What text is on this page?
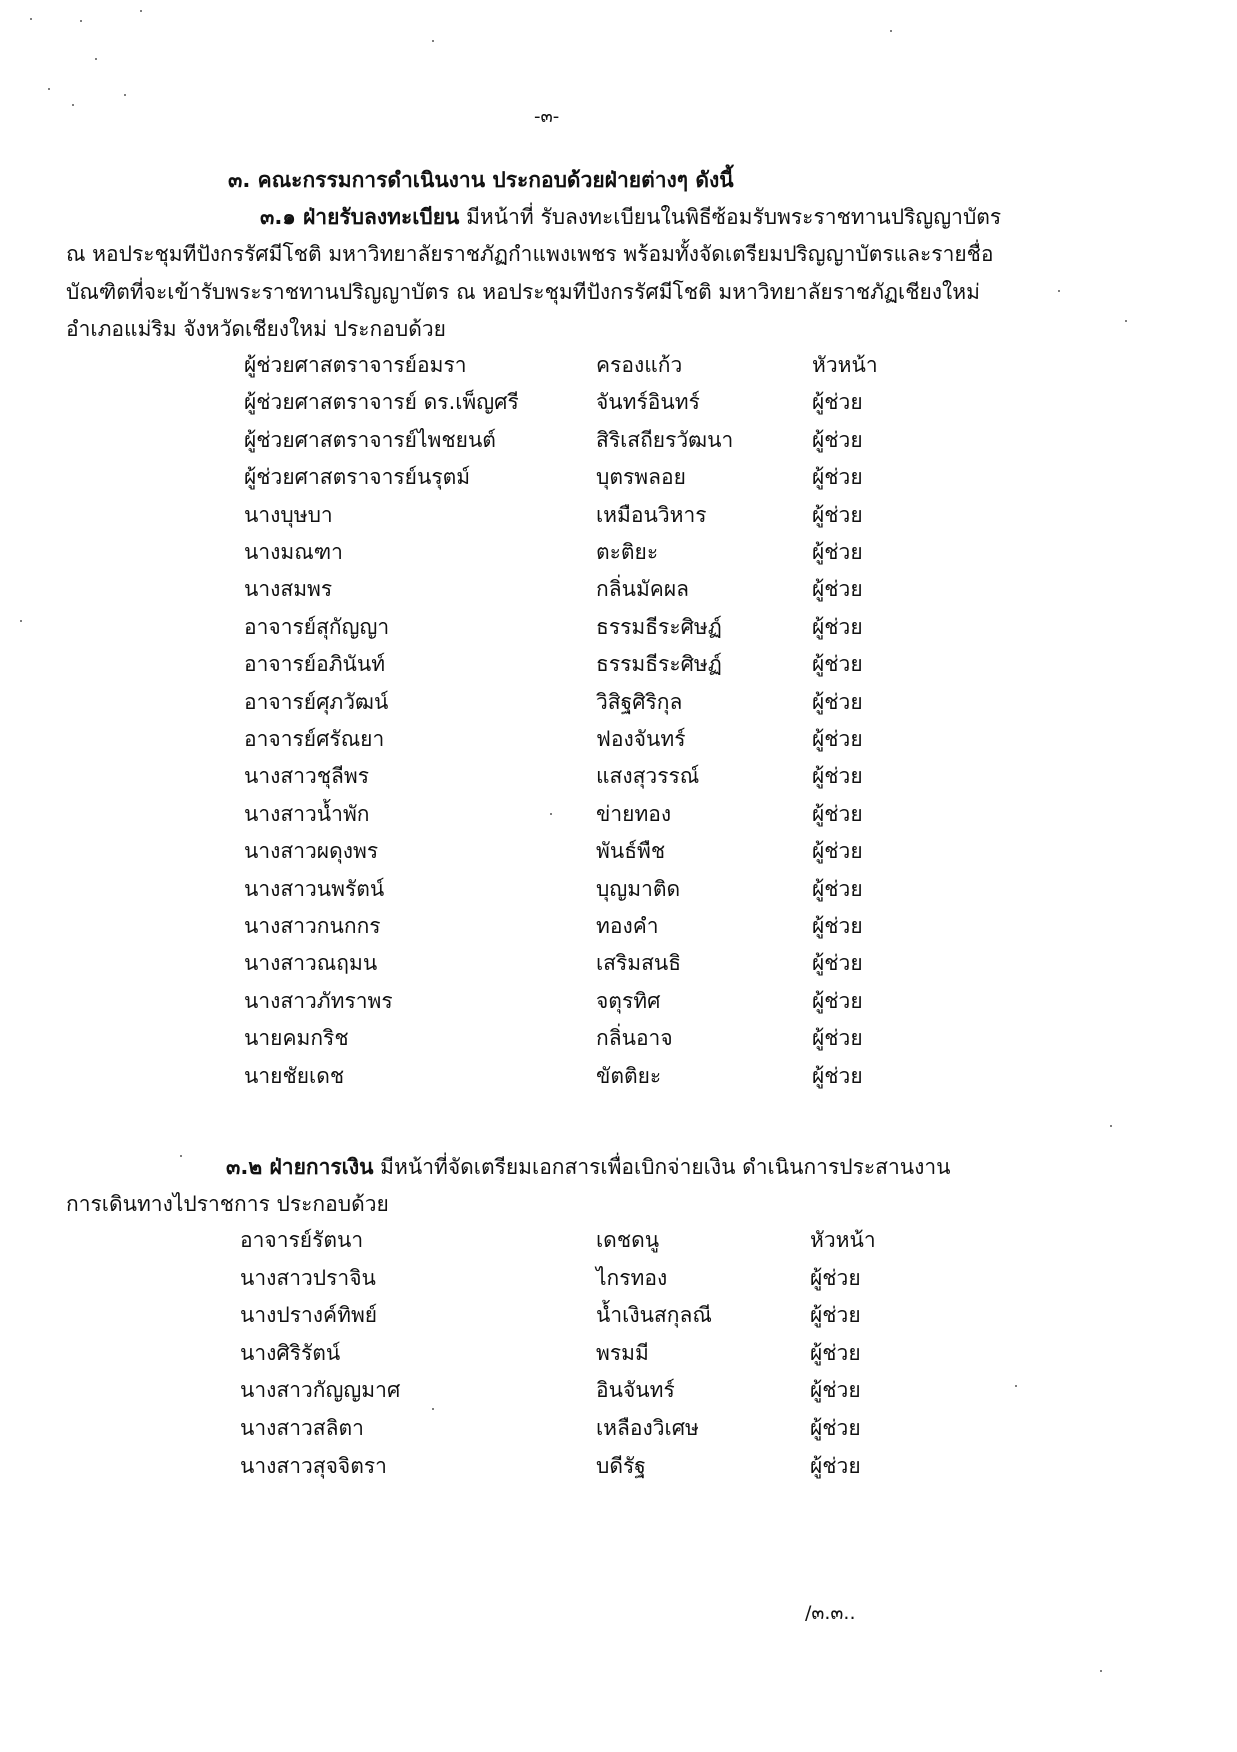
-๓-
๓. คณะกรรมการดำเนินงาน ประกอบด้วยฝ่ายต่างๆ ดังนี้
๓.๑ ฝ่ายรับลงทะเบียน มีหน้าที่ รับลงทะเบียนในพิธีซ้อมรับพระราชทานปริญญาบัตร
ณ หอประชุมทีปังกรรัศมีโชติ มหาวิทยาลัยราชภัฏกำแพงเพชร พร้อมทั้งจัดเตรียมปริญญาบัตรและรายชื่อ
บัณฑิตที่จะเข้ารับพระราชทานปริญญาบัตร ณ หอประชุมทีปังกรรัศมีโชติ มหาวิทยาลัยราชภัฏเชียงใหม่
อำเภอแม่ริม จังหวัดเชียงใหม่ ประกอบด้วย
ผู้ช่วยศาสตราจารย์อมรา	ครองแก้ว	หัวหน้า
ผู้ช่วยศาสตราจารย์ ดร.เพ็ญศรี	จันทร์อินทร์	ผู้ช่วย
ผู้ช่วยศาสตราจารย์ไพชยนต์	สิริเสถียรวัฒนา	ผู้ช่วย
ผู้ช่วยศาสตราจารย์นรุตม์	บุตรพลอย	ผู้ช่วย
นางบุษบา	เหมือนวิหาร	ผู้ช่วย
นางมณฑา	ตะติยะ	ผู้ช่วย
นางสมพร	กลิ่นมัคผล	ผู้ช่วย
อาจารย์สุกัญญา	ธรรมธีระศิษฏ์	ผู้ช่วย
อาจารย์อภินันท์	ธรรมธีระศิษฏ์	ผู้ช่วย
อาจารย์ศุภวัฒน์	วิสิฐศิริกุล	ผู้ช่วย
อาจารย์ศรัณยา	ฟองจันทร์	ผู้ช่วย
นางสาวชุลีพร	แสงสุวรรณ์	ผู้ช่วย
นางสาวน้ำพัก	ข่ายทอง	ผู้ช่วย
นางสาวผดุงพร	พันธ์พืช	ผู้ช่วย
นางสาวนพรัตน์	บุญมาติด	ผู้ช่วย
นางสาวกนกกร	ทองคำ	ผู้ช่วย
นางสาวณฤมน	เสริมสนธิ	ผู้ช่วย
นางสาวภัทราพร	จตุรทิศ	ผู้ช่วย
นายคมกริช	กลิ่นอาจ	ผู้ช่วย
นายชัยเดช	ขัตติยะ	ผู้ช่วย
๓.๒ ฝ่ายการเงิน มีหน้าที่จัดเตรียมเอกสารเพื่อเบิกจ่ายเงิน ดำเนินการประสานงาน
การเดินทางไปราชการ ประกอบด้วย
อาจารย์รัตนา	เดชดนู	หัวหน้า
นางสาวปราจิน	ไกรทอง	ผู้ช่วย
นางปรางค์ทิพย์	น้ำเงินสกุลณี	ผู้ช่วย
นางศิริรัตน์	พรมมี	ผู้ช่วย
นางสาวกัญญมาศ	อินจันทร์	ผู้ช่วย
นางสาวสลิตา	เหลืองวิเศษ	ผู้ช่วย
นางสาวสุจจิตรา	บดีรัฐ	ผู้ช่วย
/๓.๓..
